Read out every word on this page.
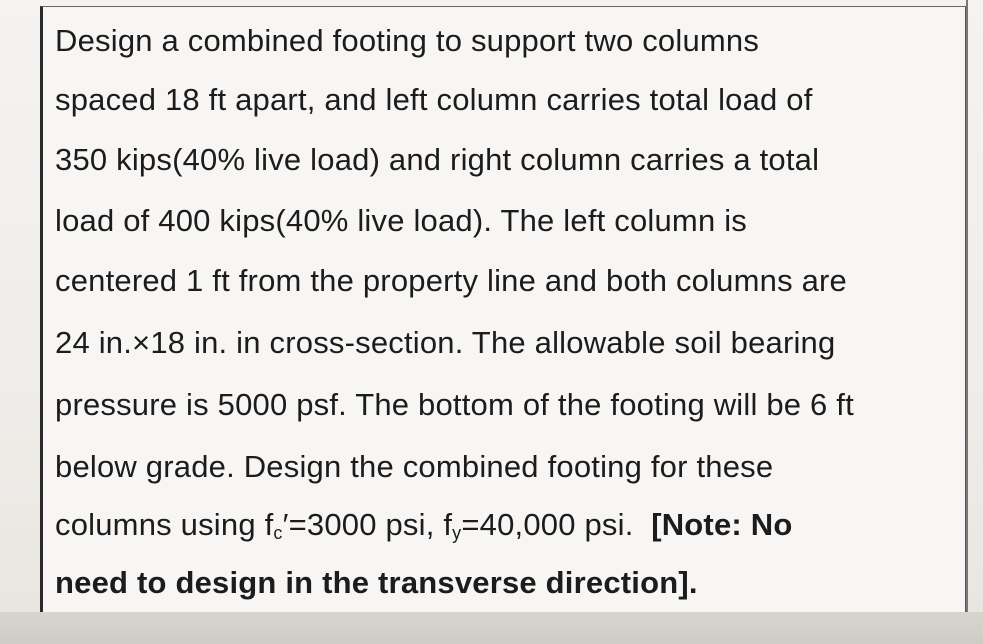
Design a combined footing to support two columns
spaced 18 ft apart, and left column carries total load of
350 kips(40% live load) and right column carries a total
load of 400 kips(40% live load). The left column is
centered 1 ft from the property line and both columns are
24 in.×18 in. in cross-section. The allowable soil bearing
pressure is 5000 psf. The bottom of the footing will be 6 ft
below grade. Design the combined footing for these
columns using $f_c'=3000$ psi, $f_y=40,000$ psi. [Note: No
need to design in the transverse direction].
